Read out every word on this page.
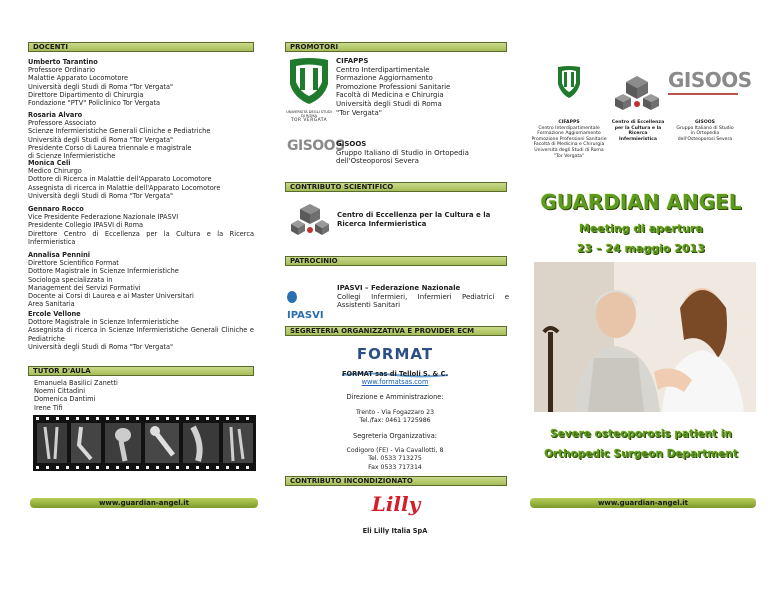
DOCENTI
Umberto Tarantino
Professore Ordinario
Malattie Apparato Locomotore
Università degli Studi di Roma "Tor Vergata"
Direttore Dipartimento di Chirurgia
Fondazione "PTV" Policlinico Tor Vergata
Rosaria Alvaro
Professore Associato
Scienze Infermieristiche Generali Cliniche e Pediatriche
Università degli Studi di Roma "Tor Vergata"
Presidente Corso di Laurea triennale e magistrale
di Scienze Infermieristiche
Monica Celi
Medico Chirurgo
Dottore di Ricerca in Malattie dell'Apparato Locomotore
Assegnista di ricerca in Malattie dell'Apparato Locomotore
Università degli Studi di Roma "Tor Vergata"
Gennaro Rocco
Vice Presidente Federazione Nazionale IPASVI
Presidente Collegio IPASVI di Roma
Direttore Centro di Eccellenza per la Cultura e la Ricerca Infermieristica
Annalisa Pennini
Direttore Scientifico Format
Dottore Magistrale in Scienze Infermieristiche
Sociologa specializzata in
Management dei Servizi Formativi
Docente ai Corsi di Laurea e ai Master Universitari
Area Sanitaria
Ercole Vellone
Dottore Magistrale in Scienze Infermieristiche
Assegnista di ricerca in Scienze Infermieristiche Generali Cliniche e Pediatriche
Università degli Studi di Roma "Tor Vergata"
TUTOR D'AULA
Emanuela Basilici Zanetti
Noemi Cittadini
Domenica Dantimi
Irene Tifi
www.guardian-angel.it
PROMOTORI
UNIVERSITÀ DEGLI STUDI DI ROMA
TOR VERGATA
CIFAPPS
Centro Interdipartimentale
Formazione Aggiornamento
Promozione Professioni Sanitarie
Facoltà di Medicina e Chirurgia
Università degli Studi di Roma
"Tor Vergata"
GISOOS
GISOOS
Gruppo Italiano di Studio in Ortopedia
dell'Osteoporosi Severa
CONTRIBUTO SCIENTIFICO
Centro di Eccellenza per la Cultura e la Ricerca Infermieristica
PATROCINIO
IPASVI
IPASVI – Federazione Nazionale
Collegi Infermieri, Infermieri Pediatrici e Assistenti Sanitari
SEGRETERIA ORGANIZZATIVA E PROVIDER ECM
FORMAT
FORMAT sas di Telloli S. & C.
www.formatsas.com
Direzione e Amministrazione:
Trento - Via Fogazzaro 23
Tel./fax: 0461 1725986
Segreteria Organizzativa:
Codigoro (FE) - Via Cavallotti, 8
Tel. 0533 713275
Fax 0533 717314
CONTRIBUTO INCONDIZIONATO
Lilly
Eli Lilly Italia SpA
CIFAPPS
Centro Interdipartimentale
Formazione Aggiornamento
Promozione Professioni Sanitarie
Facoltà di Medicina e Chirurgia
Università degli Studi di Roma
"Tor Vergata"
Centro di Eccellenza
per la Cultura e la Ricerca
Infermieristica
GISOOS
GISOOS
Gruppo Italiano di Studio
in Ortopedia
dell'Osteoporosi Severa
GUARDIAN ANGEL
Meeting di apertura
23 – 24 maggio 2013
Severe osteoporosis patient in
Orthopedic Surgeon Department
www.guardian-angel.it
